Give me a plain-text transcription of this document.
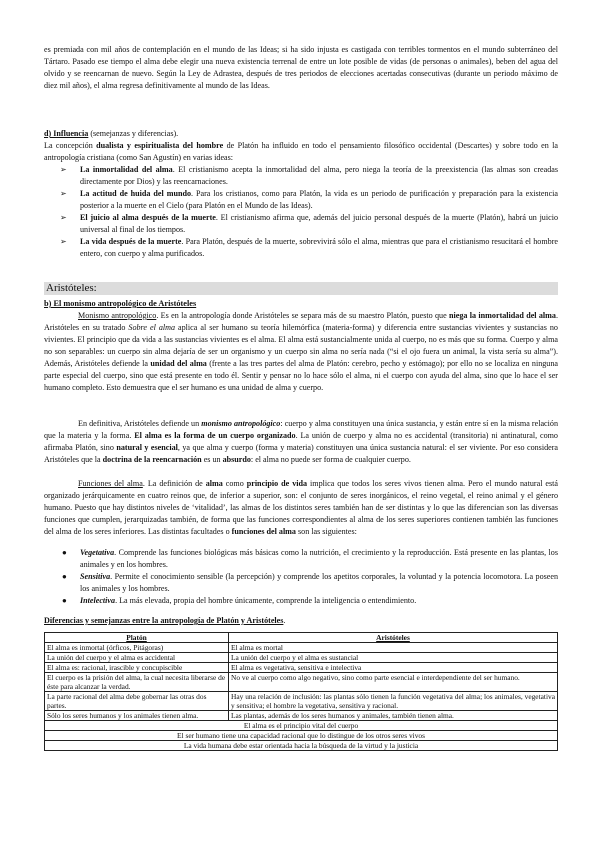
es premiada con mil años de contemplación en el mundo de las Ideas; si ha sido injusta es castigada con terribles tormentos en el mundo subterráneo del Tártaro. Pasado ese tiempo el alma debe elegir una nueva existencia terrenal de entre un lote posible de vidas (de personas o animales), beben del agua del olvido y se reencarnan de nuevo. Según la Ley de Adrastea, después de tres periodos de elecciones acertadas consecutivas (durante un periodo máximo de diez mil años), el alma regresa definitivamente al mundo de las Ideas.

d) Influencia (semejanzas y diferencias).

La concepción dualista y espiritualista del hombre de Platón ha influido en todo el pensamiento filosófico occidental (Descartes) y sobre todo en la antropología cristiana (como San Agustín) en varias ideas:

➢ La inmortalidad del alma. El cristianismo acepta la inmortalidad del alma, pero niega la teoría de la preexistencia (las almas son creadas directamente por Dios) y las reencarnaciones.
➢ La actitud de huida del mundo. Para los cristianos, como para Platón, la vida es un periodo de purificación y preparación para la existencia posterior a la muerte en el Cielo (para Platón en el Mundo de las Ideas).
➢ El juicio al alma después de la muerte. El cristianismo afirma que, además del juicio personal después de la muerte (Platón), habrá un juicio universal al final de los tiempos.
➢ La vida después de la muerte. Para Platón, después de la muerte, sobrevivirá sólo el alma, mientras que para el cristianismo resucitará el hombre entero, con cuerpo y alma purificados.
Aristóteles:
b) El monismo antropológico de Aristóteles

Monismo antropológico. Es en la antropología donde Aristóteles se separa más de su maestro Platón, puesto que niega la inmortalidad del alma. Aristóteles en su tratado Sobre el alma aplica al ser humano su teoría hilemórfica (materia-forma) y diferencia entre sustancias vivientes y sustancias no vivientes. El principio que da vida a las sustancias vivientes es el alma. El alma está sustancialmente unida al cuerpo, no es más que su forma. Cuerpo y alma no son separables: un cuerpo sin alma dejaría de ser un organismo y un cuerpo sin alma no sería nada (“si el ojo fuera un animal, la vista sería su alma”). Además, Aristóteles defiende la unidad del alma (frente a las tres partes del alma de Platón: cerebro, pecho y estómago); por ello no se localiza en ninguna parte especial del cuerpo, sino que está presente en todo él. Sentir y pensar no lo hace sólo el alma, ni el cuerpo con ayuda del alma, sino que lo hace el ser humano completo. Esto demuestra que el ser humano es una unidad de alma y cuerpo.

En definitiva, Aristóteles defiende un monismo antropológico: cuerpo y alma constituyen una única sustancia, y están entre sí en la misma relación que la materia y la forma. El alma es la forma de un cuerpo organizado. La unión de cuerpo y alma no es accidental (transitoria) ni antinatural, como afirmaba Platón, sino natural y esencial, ya que alma y cuerpo (forma y materia) constituyen una única sustancia natural: el ser viviente. Por eso considera Aristóteles que la doctrina de la reencarnación es un absurdo: el alma no puede ser forma de cualquier cuerpo.

Funciones del alma. La definición de alma como principio de vida implica que todos los seres vivos tienen alma. Pero el mundo natural está organizado jerárquicamente en cuatro reinos que, de inferior a superior, son: el conjunto de seres inorgánicos, el reino vegetal, el reino animal y el género humano. Puesto que hay distintos niveles de ‘vitalidad’, las almas de los distintos seres también han de ser distintas y lo que las diferencian son las diversas funciones que cumplen, jerarquizadas también, de forma que las funciones correspondientes al alma de los seres superiores contienen también las funciones del alma de los seres inferiores. Las distintas facultades o funciones del alma son las siguientes:

● Vegetativa. Comprende las funciones biológicas más básicas como la nutrición, el crecimiento y la reproducción. Está presente en las plantas, los animales y en los hombres.
● Sensitiva. Permite el conocimiento sensible (la percepción) y comprende los apetitos corporales, la voluntad y la potencia locomotora. La poseen los animales y los hombres.
● Intelectiva. La más elevada, propia del hombre únicamente, comprende la inteligencia o entendimiento.

Diferencias y semejanzas entre la antropología de Platón y Aristóteles.

Platón	Aristóteles
El alma es inmortal (órficos, Pitágoras)	El alma es mortal
La unión del cuerpo y el alma es accidental	La unión del cuerpo y el alma es sustancial
El alma es: racional, irascible y concupiscible	El alma es vegetativa, sensitiva e intelectiva
El cuerpo es la prisión del alma, la cual necesita liberarse de éste para alcanzar la verdad.	No ve al cuerpo como algo negativo, sino como parte esencial e interdependiente del ser humano.
La parte racional del alma debe gobernar las otras dos partes.	Hay una relación de inclusión: las plantas sólo tienen la función vegetativa del alma; los animales, vegetativa y sensitiva; el hombre la vegetativa, sensitiva y racional.
Sólo los seres humanos y los animales tienen alma.	Las plantas, además de los seres humanos y animales, también tienen alma.
El alma es el principio vital del cuerpo	
El ser humano tiene una capacidad racional que lo distingue de los otros seres vivos	
La vida humana debe estar orientada hacia la búsqueda de la virtud y la justicia	
